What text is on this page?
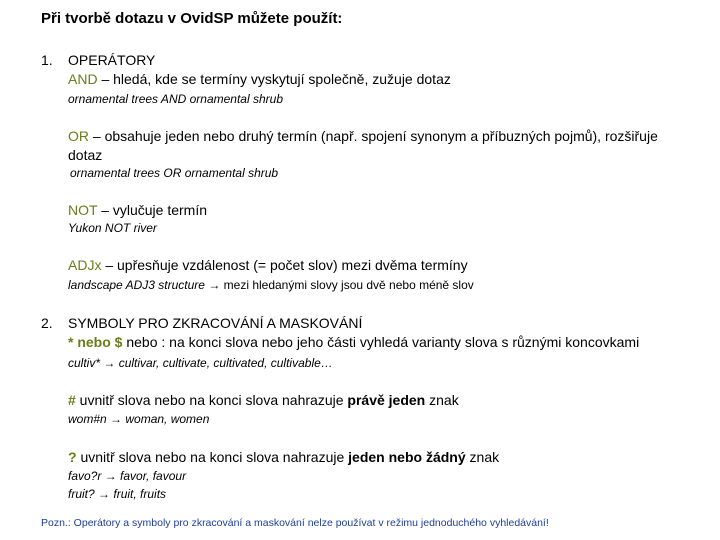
Při tvorbě dotazu v OvidSP můžete použít:
1. OPERÁTORY
AND – hledá, kde se termíny vyskytují společně, zužuje dotaz
ornamental trees AND ornamental shrub
OR – obsahuje jeden nebo druhý termín (např. spojení synonym a příbuzných pojmů), rozšiřuje
dotaz
ornamental trees OR ornamental shrub
NOT – vylučuje termín
Yukon NOT river
ADJx – upřesňuje vzdálenost (= počet slov) mezi dvěma termíny
landscape ADJ3 structure → mezi hledanými slovy jsou dvě nebo méně slov
2. SYMBOLY PRO ZKRACOVÁNÍ A MASKOVÁNÍ
* nebo $ nebo : na konci slova nebo jeho části vyhledá varianty slova s různými koncovkami
cultiv* → cultivar, cultivate, cultivated, cultivable…
# uvnitř slova nebo na konci slova nahrazuje právě jeden znak
wom#n → woman, women
? uvnitř slova nebo na konci slova nahrazuje jeden nebo žádný znak
favo?r → favor, favour
fruit? → fruit, fruits
Pozn.: Operátory a symboly pro zkracování a maskování nelze používat v režimu jednoduchého vyhledávání!
